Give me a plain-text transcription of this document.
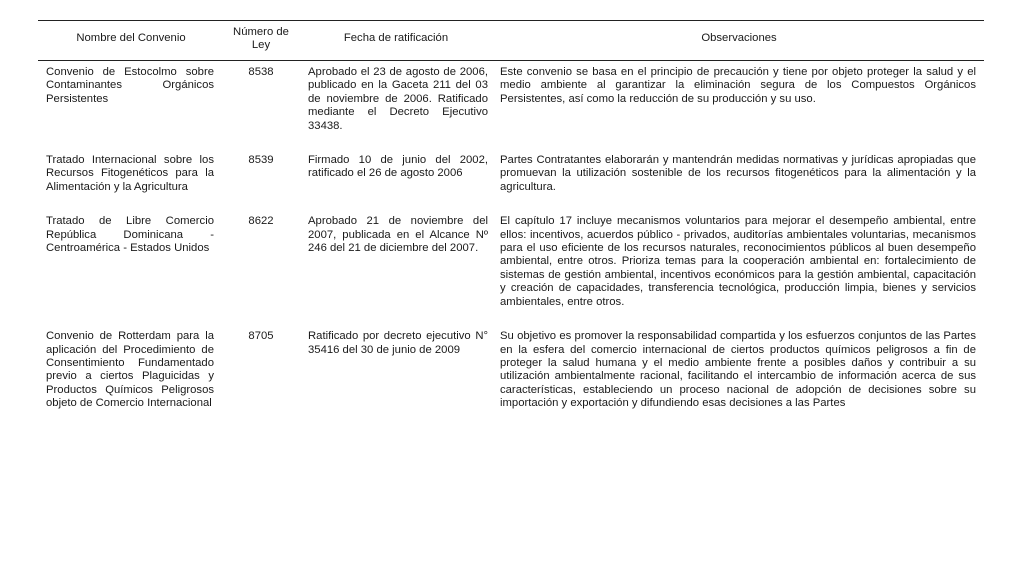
Nombre del Convenio	Número de Ley	Fecha de ratificación	Observaciones
Convenio de Estocolmo sobre Contaminantes Orgánicos Persistentes	8538	Aprobado el 23 de agosto de 2006, publicado en la Gaceta 211 del 03 de noviembre de 2006. Ratificado mediante el Decreto Ejecutivo 33438.	Este convenio se basa en el principio de precaución y tiene por objeto proteger la salud y el medio ambiente al garantizar la eliminación segura de los Compuestos Orgánicos Persistentes, así como la reducción de su producción y su uso.
Tratado Internacional sobre los Recursos Fitogenéticos para la Alimentación y la Agricultura	8539	Firmado 10 de junio del 2002, ratificado el 26 de agosto 2006	Partes Contratantes elaborarán y mantendrán medidas normativas y jurídicas apropiadas que promuevan la utilización sostenible de los recursos fitogenéticos para la alimentación y la agricultura.
Tratado de Libre Comercio República Dominicana - Centroamérica - Estados Unidos	8622	Aprobado 21 de noviembre del 2007, publicada en el Alcance Nº 246 del 21 de diciembre del 2007.	El capítulo 17 incluye mecanismos voluntarios para mejorar el desempeño ambiental, entre ellos: incentivos, acuerdos público - privados, auditorías ambientales voluntarias, mecanismos para el uso eficiente de los recursos naturales, reconocimientos públicos al buen desempeño ambiental, entre otros. Prioriza temas para la cooperación ambiental en: fortalecimiento de sistemas de gestión ambiental, incentivos económicos para la gestión ambiental, capacitación y creación de capacidades, transferencia tecnológica, producción limpia, bienes y servicios ambientales, entre otros.
Convenio de Rotterdam para la aplicación del Procedimiento de Consentimiento Fundamentado previo a ciertos Plaguicidas y Productos Químicos Peligrosos objeto de Comercio Internacional	8705	Ratificado por decreto ejecutivo N° 35416 del 30 de junio de 2009	Su objetivo es promover la responsabilidad compartida y los esfuerzos conjuntos de las Partes en la esfera del comercio internacional de ciertos productos químicos peligrosos a fin de proteger la salud humana y el medio ambiente frente a posibles daños y contribuir a su utilización ambientalmente racional, facilitando el intercambio de información acerca de sus características, estableciendo un proceso nacional de adopción de decisiones sobre su importación y exportación y difundiendo esas decisiones a las Partes
